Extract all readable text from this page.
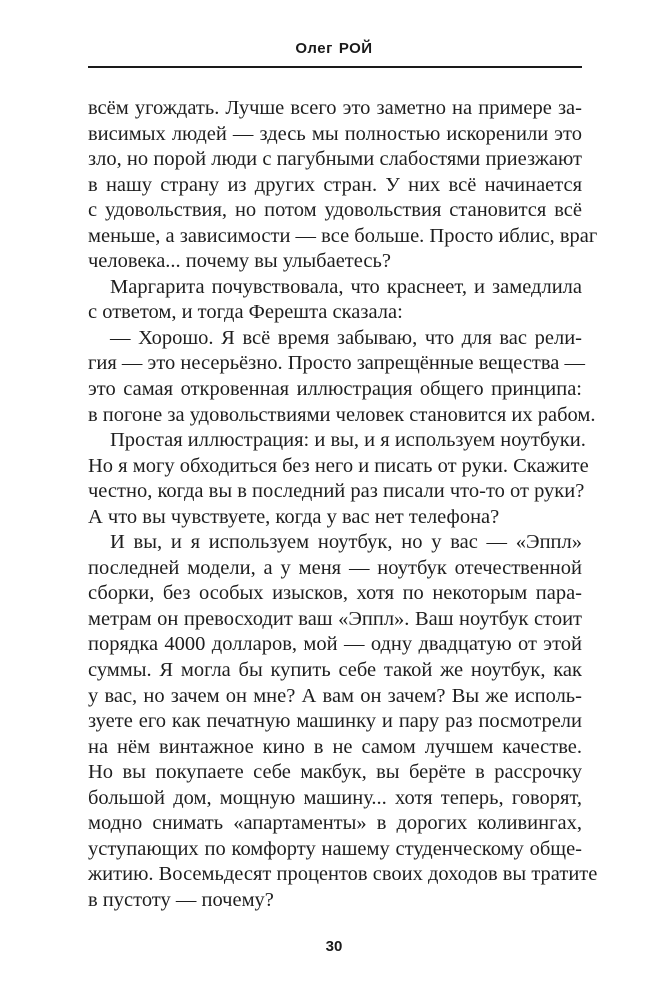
Олег РОЙ
всём угождать. Лучше всего это заметно на примере за-
висимых людей — здесь мы полностью искоренили это
зло, но порой люди с пагубными слабостями приезжают
в нашу страну из других стран. У них всё начинается
с удовольствия, но потом удовольствия становится всё
меньше, а зависимости — все больше. Просто иблис, враг
человека... почему вы улыбаетесь?
Маргарита почувствовала, что краснеет, и замедлила
с ответом, и тогда Ферешта сказала:
— Хорошо. Я всё время забываю, что для вас рели-
гия — это несерьёзно. Просто запрещённые вещества —
это самая откровенная иллюстрация общего принципа:
в погоне за удовольствиями человек становится их рабом.
Простая иллюстрация: и вы, и я используем ноутбуки.
Но я могу обходиться без него и писать от руки. Скажите
честно, когда вы в последний раз писали что-то от руки?
А что вы чувствуете, когда у вас нет телефона?
И вы, и я используем ноутбук, но у вас — «Эппл»
последней модели, а у меня — ноутбук отечественной
сборки, без особых изысков, хотя по некоторым пара-
метрам он превосходит ваш «Эппл». Ваш ноутбук стоит
порядка 4000 долларов, мой — одну двадцатую от этой
суммы. Я могла бы купить себе такой же ноутбук, как
у вас, но зачем он мне? А вам он зачем? Вы же исполь-
зуете его как печатную машинку и пару раз посмотрели
на нём винтажное кино в не самом лучшем качестве.
Но вы покупаете себе макбук, вы берёте в рассрочку
большой дом, мощную машину... хотя теперь, говорят,
модно снимать «апартаменты» в дорогих коливингах,
уступающих по комфорту нашему студенческому обще-
житию. Восемьдесят процентов своих доходов вы тратите
в пустоту — почему?
30
